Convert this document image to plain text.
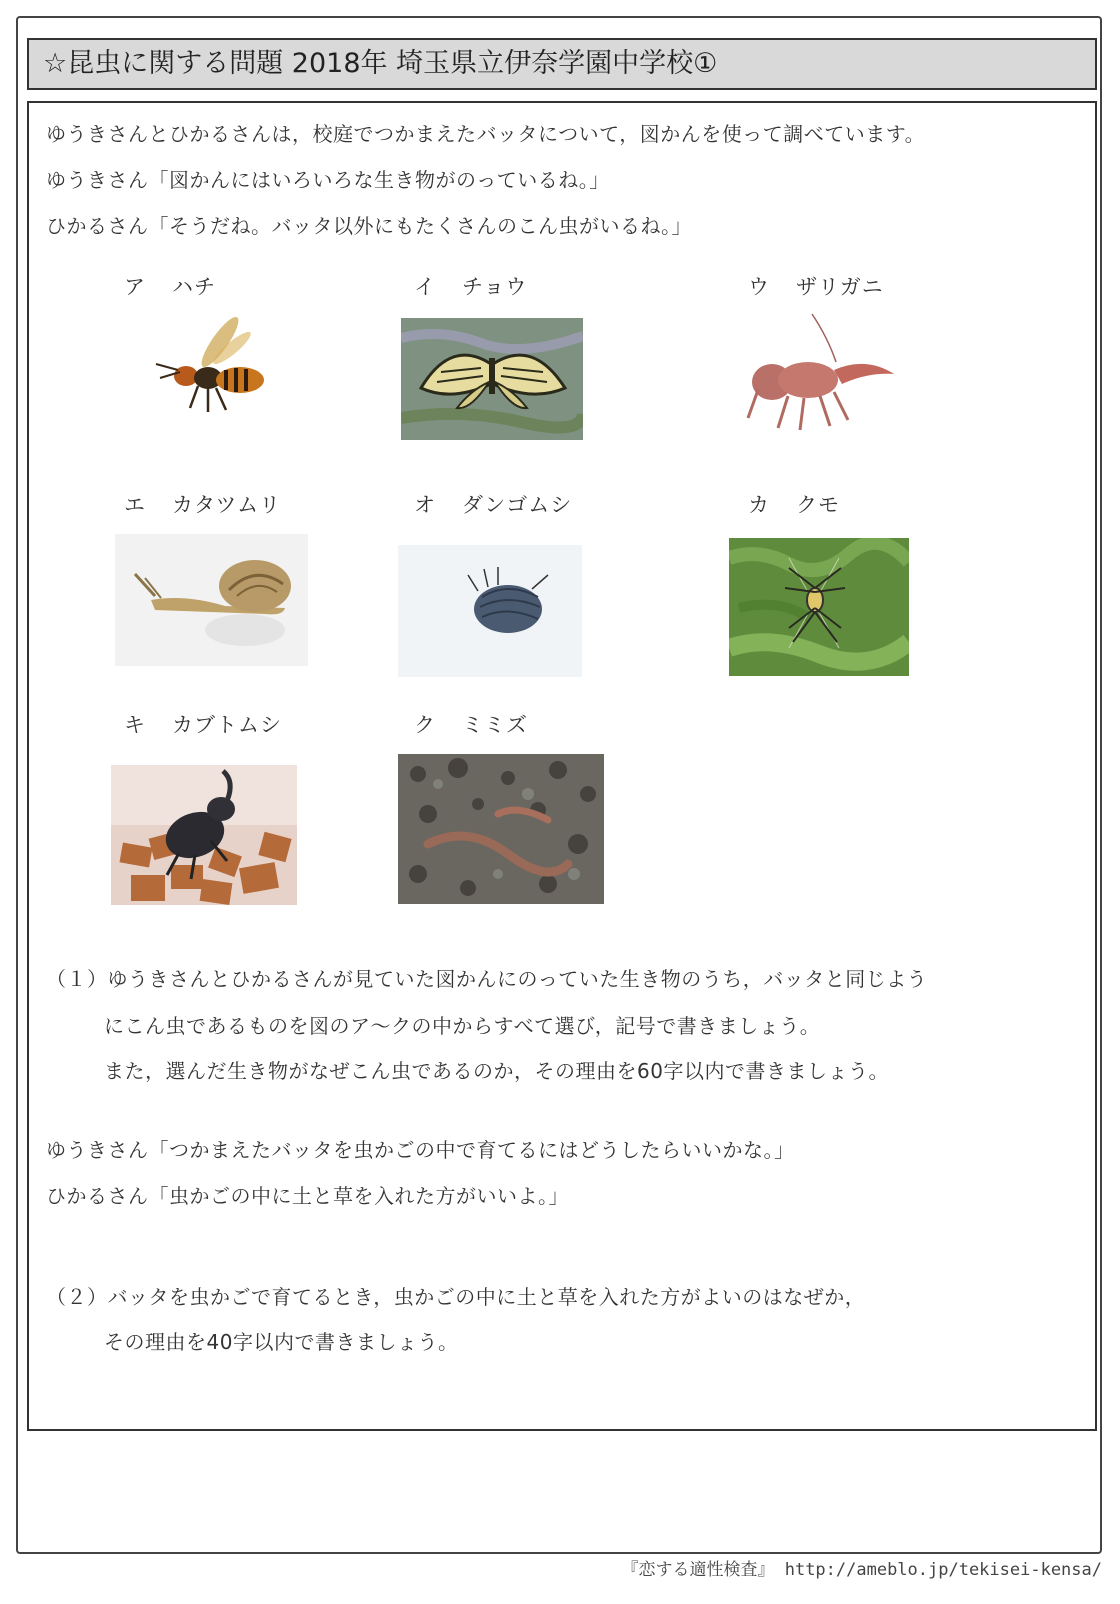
☆昆虫に関する問題 2018年 埼玉県立伊奈学園中学校①
ゆうきさんとひかるさんは，校庭でつかまえたバッタについて，図かんを使って調べています。
ゆうきさん「図かんにはいろいろな生き物がのっているね。」
ひかるさん「そうだね。バッタ以外にもたくさんのこん虫がいるね。」
ア ハチ	イ チョウ	ウ ザリガニ
エ カタツムリ	オ ダンゴムシ	カ クモ
キ カブトムシ	ク ミミズ
（１）ゆうきさんとひかるさんが見ていた図かんにのっていた生き物のうち，バッタと同じよう
にこん虫であるものを図のア～クの中からすべて選び，記号で書きましょう。
また，選んだ生き物がなぜこん虫であるのか，その理由を60字以内で書きましょう。
ゆうきさん「つかまえたバッタを虫かごの中で育てるにはどうしたらいいかな。」
ひかるさん「虫かごの中に土と草を入れた方がいいよ。」
（２）バッタを虫かごで育てるとき，虫かごの中に土と草を入れた方がよいのはなぜか，
その理由を40字以内で書きましょう。
『恋する適性検査』 http://ameblo.jp/tekisei-kensa/
